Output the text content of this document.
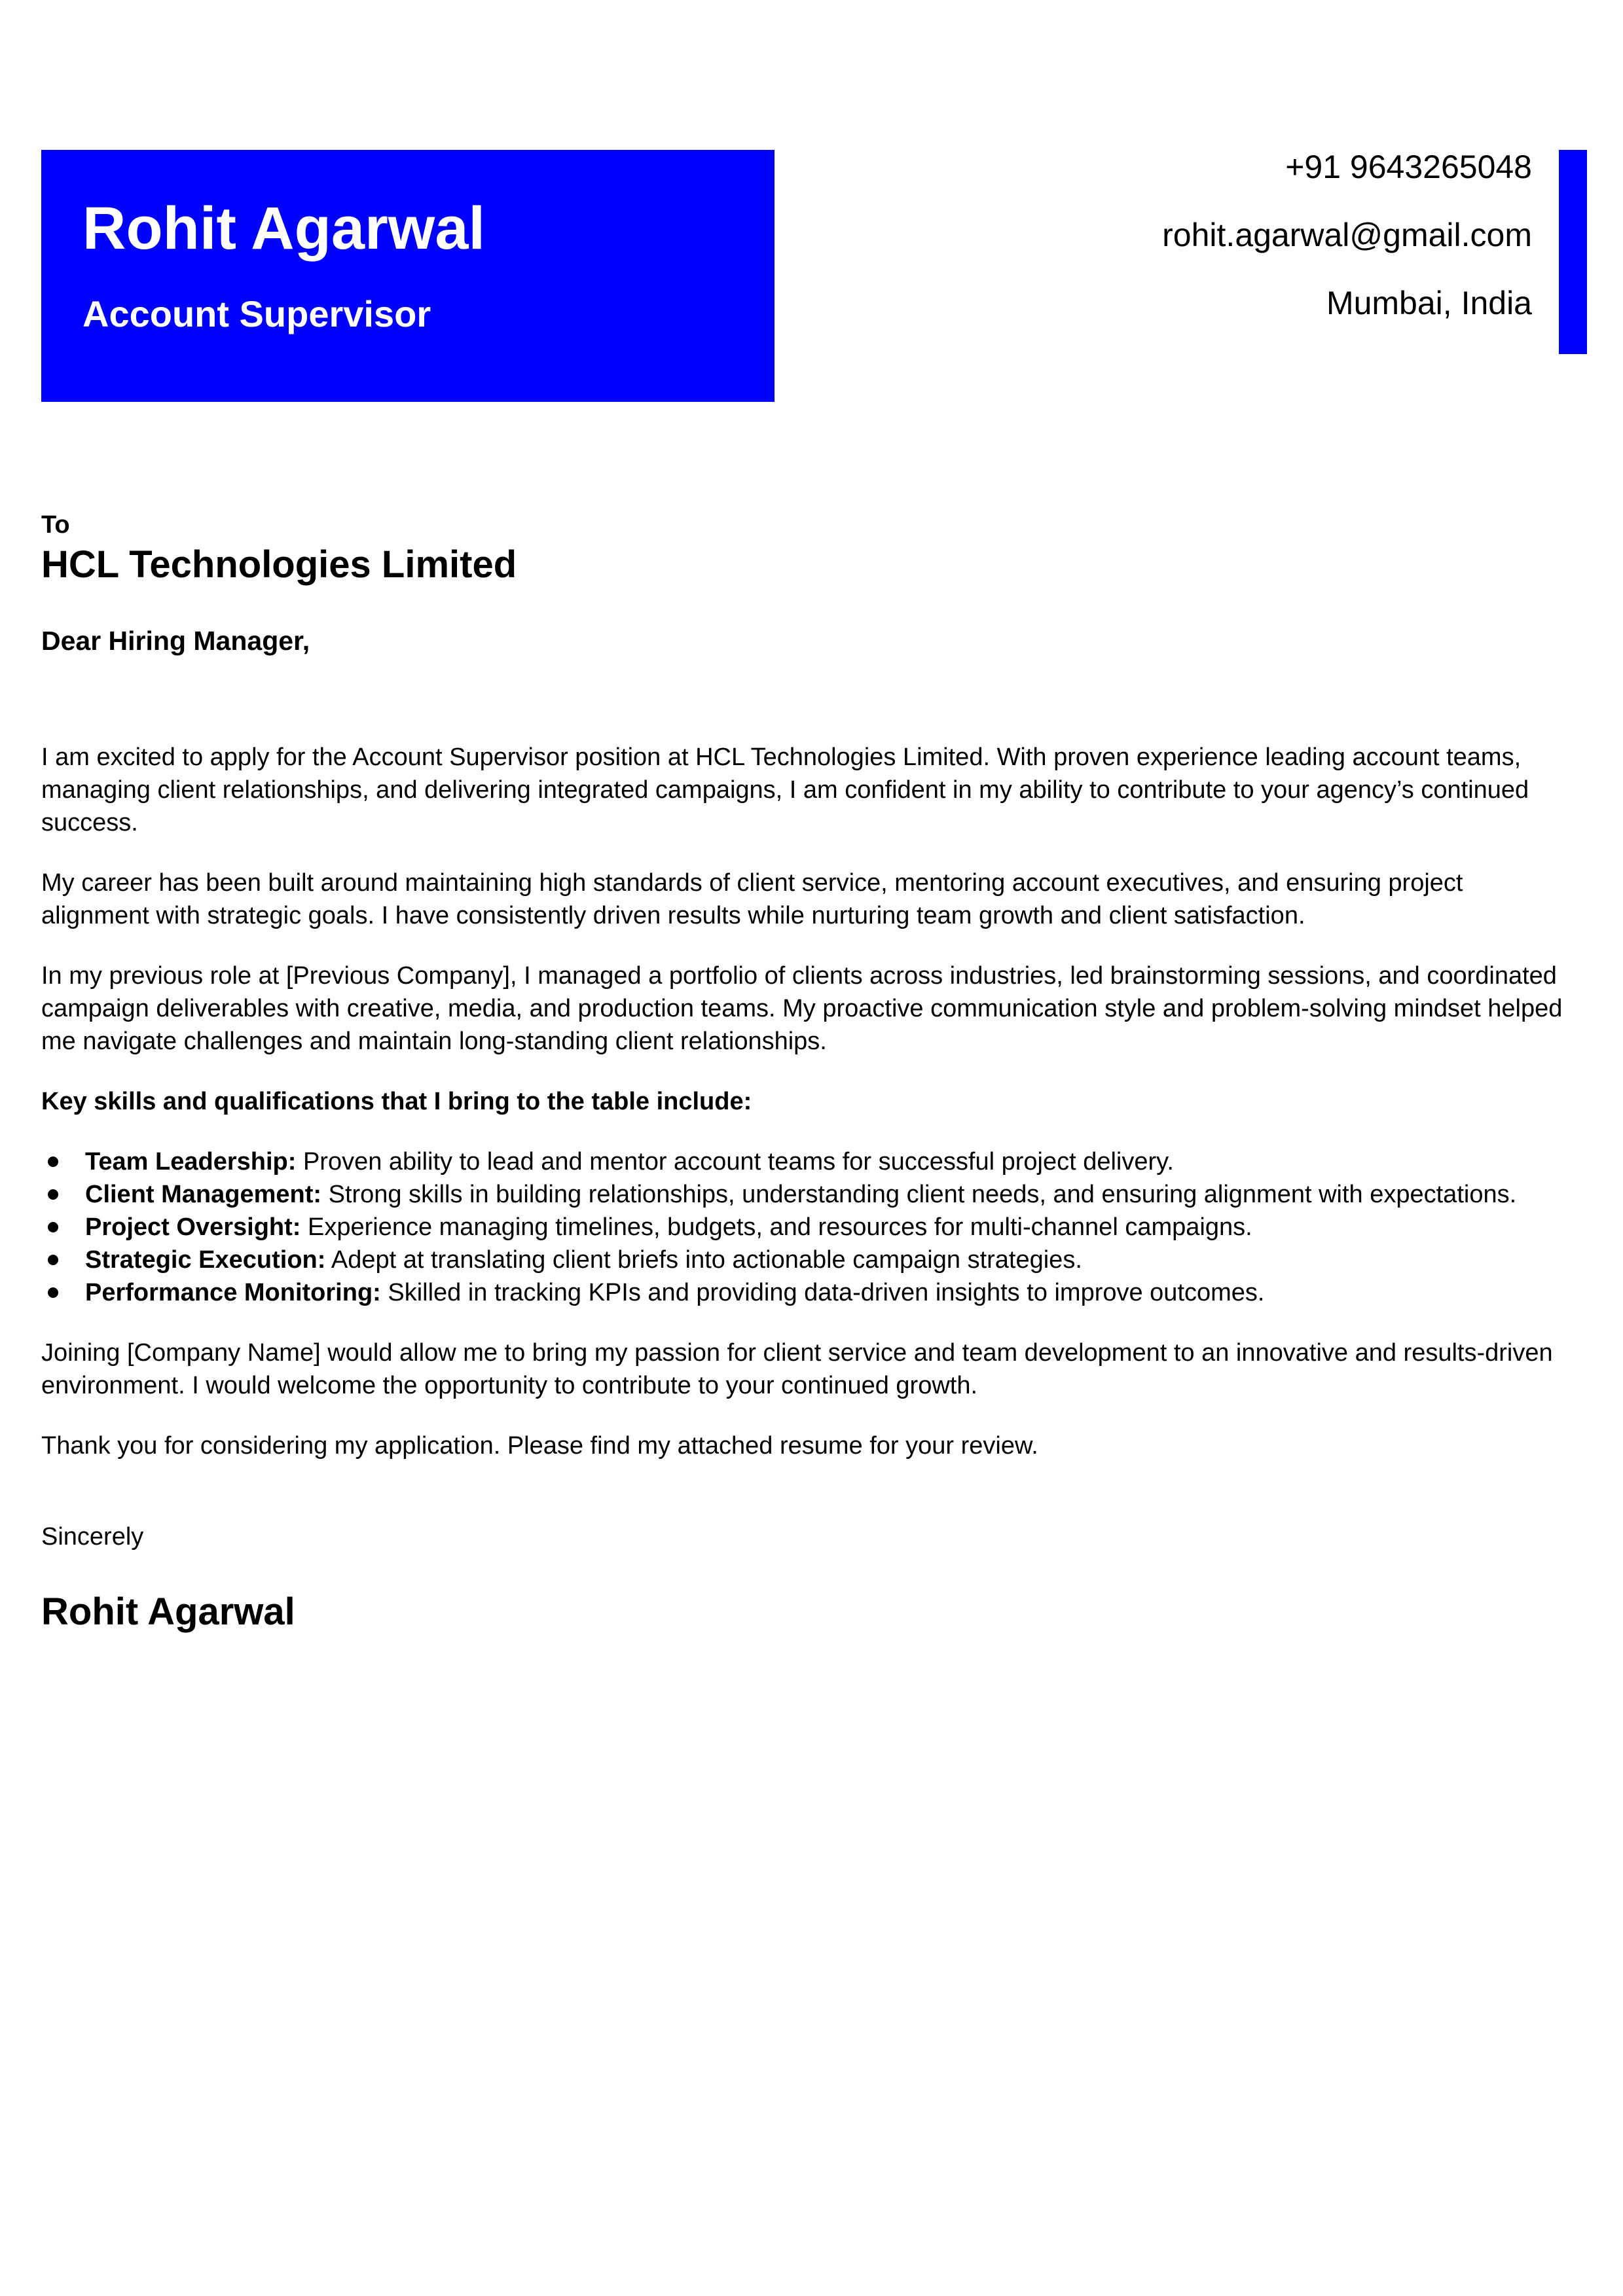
Rohit Agarwal
Account Supervisor
+91 9643265048
rohit.agarwal@gmail.com
Mumbai, India
To
HCL Technologies Limited
Dear Hiring Manager,

I am excited to apply for the Account Supervisor position at HCL Technologies Limited. With proven experience leading account teams, managing client relationships, and delivering integrated campaigns, I am confident in my ability to contribute to your agency’s continued success.

My career has been built around maintaining high standards of client service, mentoring account executives, and ensuring project alignment with strategic goals. I have consistently driven results while nurturing team growth and client satisfaction.

In my previous role at [Previous Company], I managed a portfolio of clients across industries, led brainstorming sessions, and coordinated campaign deliverables with creative, media, and production teams. My proactive communication style and problem-solving mindset helped me navigate challenges and maintain long-standing client relationships.

Key skills and qualifications that I bring to the table include:

Team Leadership: Proven ability to lead and mentor account teams for successful project delivery.
Client Management: Strong skills in building relationships, understanding client needs, and ensuring alignment with expectations.
Project Oversight: Experience managing timelines, budgets, and resources for multi-channel campaigns.
Strategic Execution: Adept at translating client briefs into actionable campaign strategies.
Performance Monitoring: Skilled in tracking KPIs and providing data-driven insights to improve outcomes.

Joining [Company Name] would allow me to bring my passion for client service and team development to an innovative and results-driven environment. I would welcome the opportunity to contribute to your continued growth.

Thank you for considering my application. Please find my attached resume for your review.

Sincerely
Rohit Agarwal
